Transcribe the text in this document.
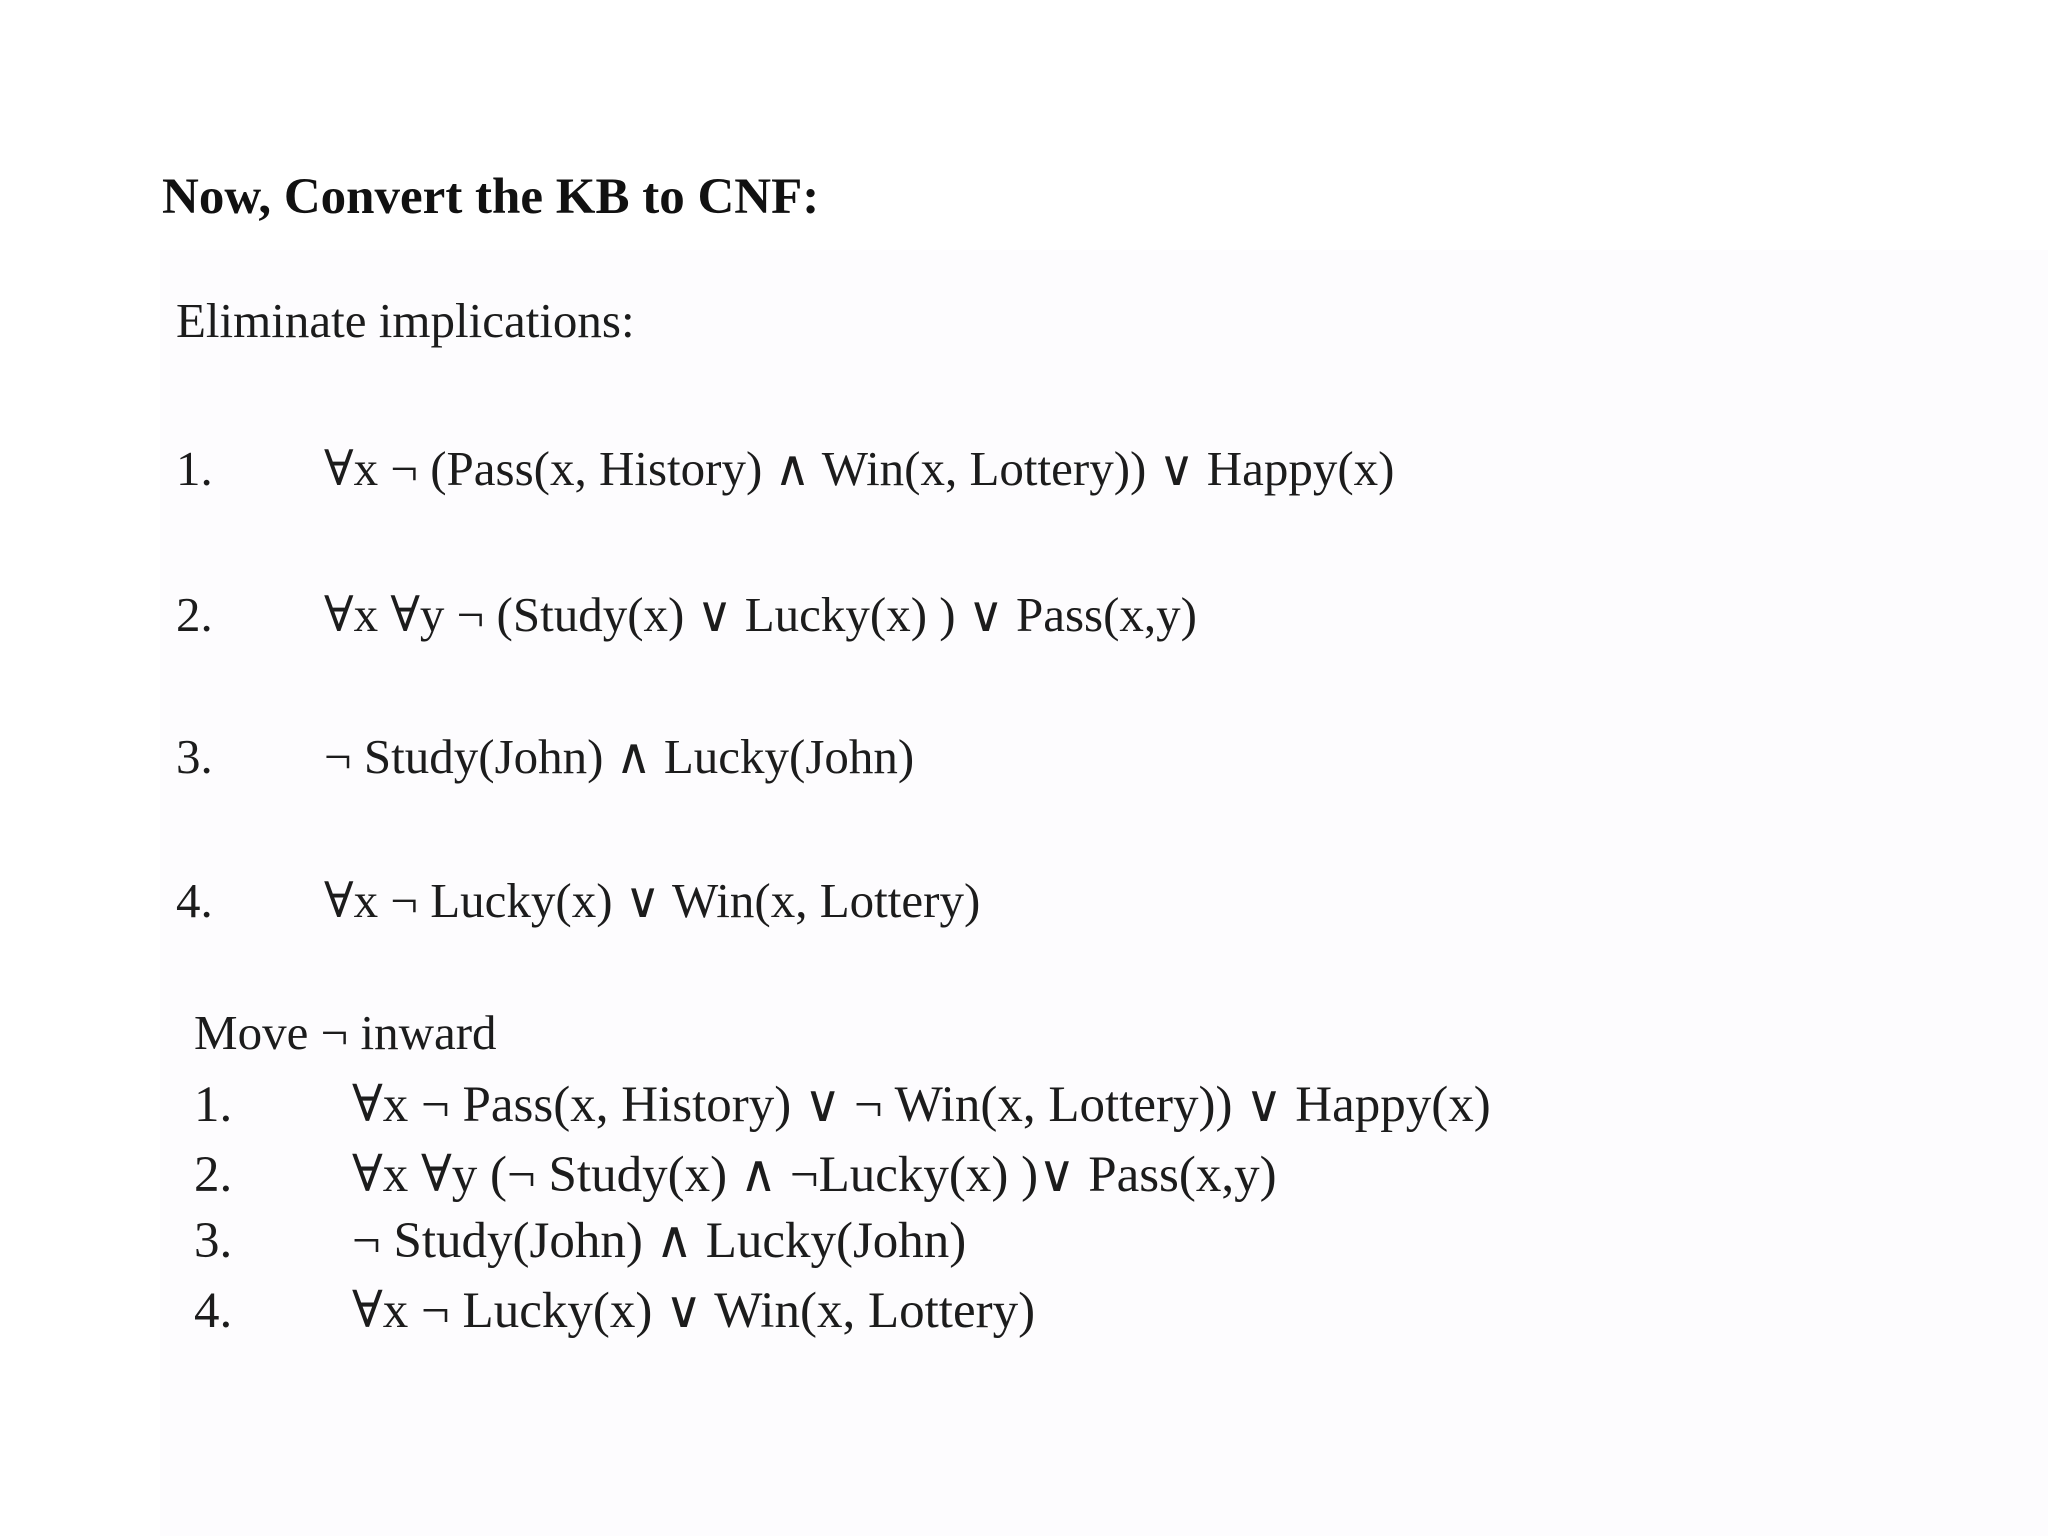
Now, Convert the KB to CNF:
Eliminate implications:
1. ∀x ¬ (Pass(x, History) ∧ Win(x, Lottery)) ∨ Happy(x)
2. ∀x ∀y ¬ (Study(x) ∨ Lucky(x) ) ∨ Pass(x,y)
3. ¬ Study(John) ∧ Lucky(John)
4. ∀x ¬ Lucky(x) ∨ Win(x, Lottery)
Move ¬ inward
1. ∀x ¬ Pass(x, History) ∨ ¬ Win(x, Lottery)) ∨ Happy(x)
2. ∀x ∀y (¬ Study(x) ∧ ¬Lucky(x) )∨ Pass(x,y)
3. ¬ Study(John) ∧ Lucky(John)
4. ∀x ¬ Lucky(x) ∨ Win(x, Lottery)
